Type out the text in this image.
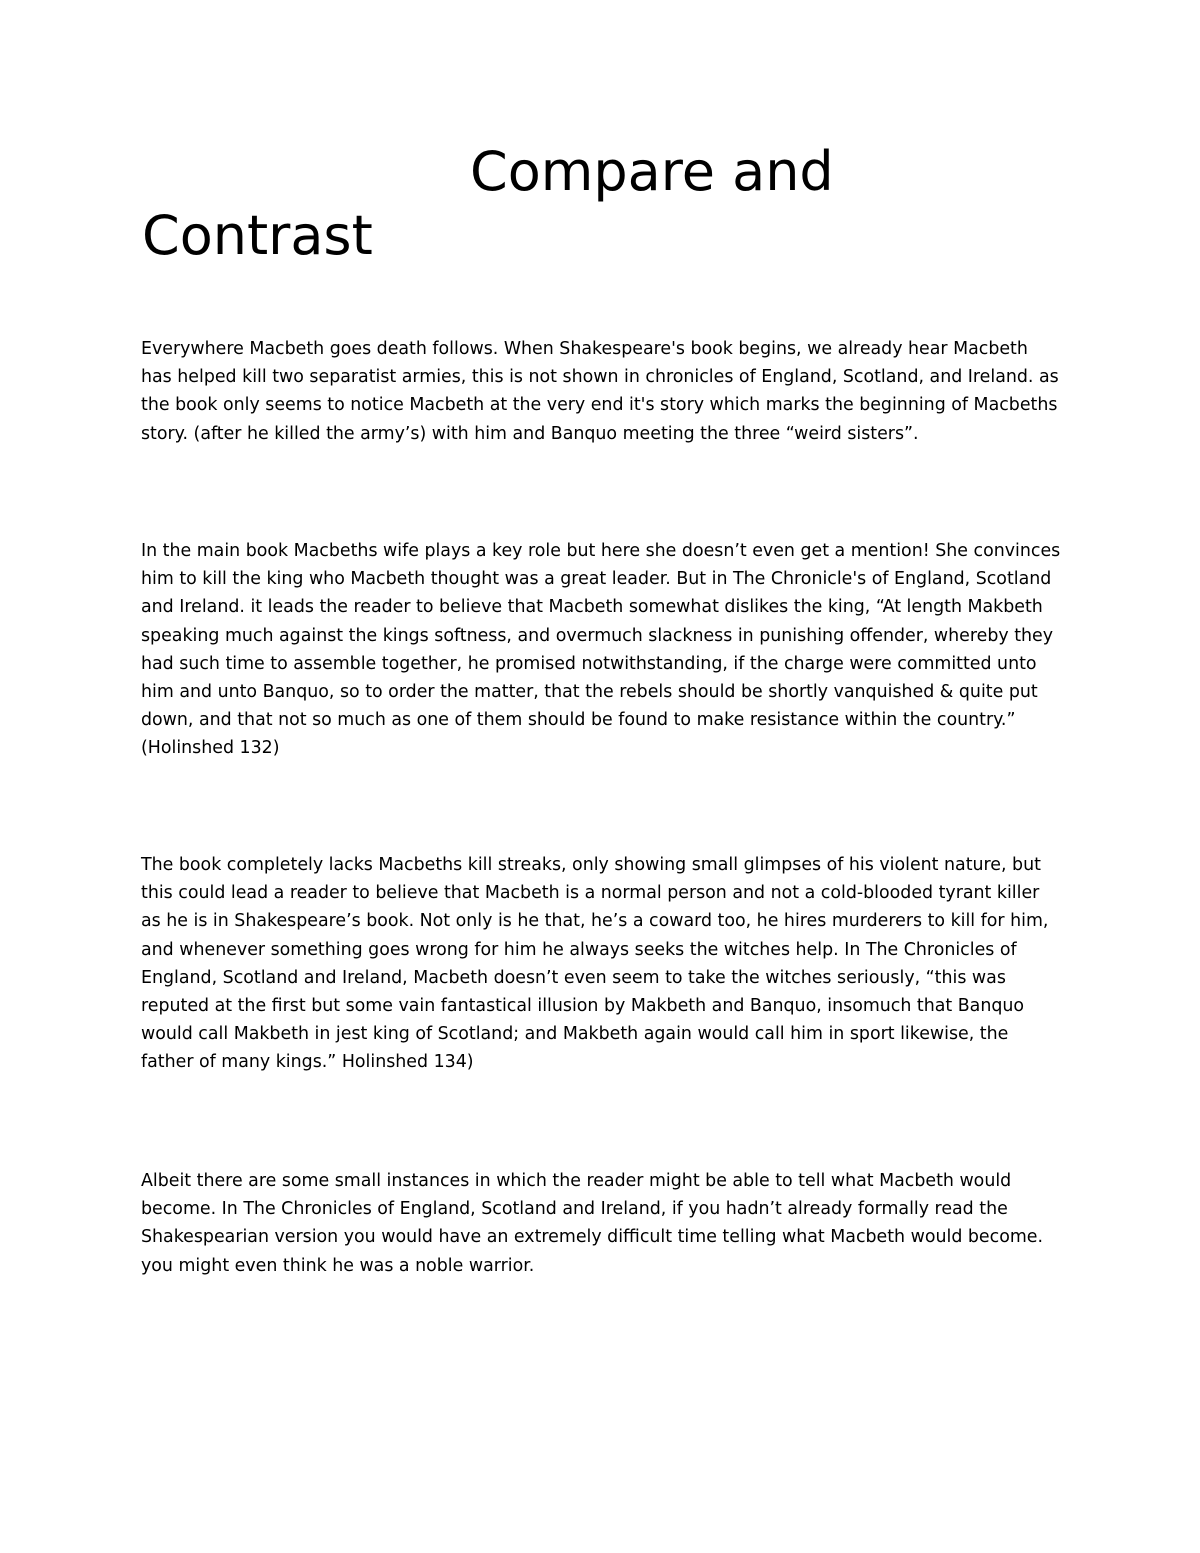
Compare and Contrast

Everywhere Macbeth goes death follows. When Shakespeare's book begins, we already hear Macbeth has helped kill two separatist armies, this is not shown in chronicles of England, Scotland, and Ireland. as the book only seems to notice Macbeth at the very end it's story which marks the beginning of Macbeths story. (after he killed the army’s) with him and Banquo meeting the three “weird sisters”.

In the main book Macbeths wife plays a key role but here she doesn’t even get a mention! She convinces him to kill the king who Macbeth thought was a great leader. But in The Chronicle's of England, Scotland and Ireland. it leads the reader to believe that Macbeth somewhat dislikes the king, “At length Makbeth speaking much against the kings softness, and overmuch slackness in punishing offender, whereby they had such time to assemble together, he promised notwithstanding, if the charge were committed unto him and unto Banquo, so to order the matter, that the rebels should be shortly vanquished & quite put down, and that not so much as one of them should be found to make resistance within the country.” (Holinshed 132)

The book completely lacks Macbeths kill streaks, only showing small glimpses of his violent nature, but this could lead a reader to believe that Macbeth is a normal person and not a cold-blooded tyrant killer as he is in Shakespeare’s book. Not only is he that, he’s a coward too, he hires murderers to kill for him, and whenever something goes wrong for him he always seeks the witches help. In The Chronicles of England, Scotland and Ireland, Macbeth doesn’t even seem to take the witches seriously, “this was reputed at the first but some vain fantastical illusion by Makbeth and Banquo, insomuch that Banquo would call Makbeth in jest king of Scotland; and Makbeth again would call him in sport likewise, the father of many kings.” Holinshed 134)

Albeit there are some small instances in which the reader might be able to tell what Macbeth would become. In The Chronicles of England, Scotland and Ireland, if you hadn’t already formally read the Shakespearian version you would have an extremely difficult time telling what Macbeth would become. you might even think he was a noble warrior.
